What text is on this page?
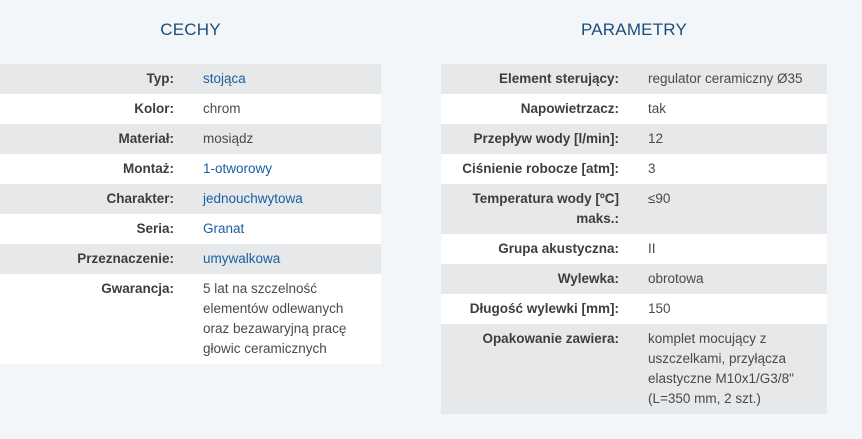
CECHY
Typ:	stojąca
Kolor:	chrom
Materiał:	mosiądz
Montaż:	1-otworowy
Charakter:	jednouchwytowa
Seria:	Granat
Przeznaczenie:	umywalkowa
Gwarancja:	5 lat na szczelność elementów odlewanych oraz bezawaryjną pracę głowic ceramicznych
PARAMETRY
Element sterujący:	regulator ceramiczny Ø35
Napowietrzacz:	tak
Przepływ wody [l/min]:	12
Ciśnienie robocze [atm]:	3
Temperatura wody [ºC] maks.:	≤90
Grupa akustyczna:	II
Wylewka:	obrotowa
Długość wylewki [mm]:	150
Opakowanie zawiera:	komplet mocujący z uszczelkami, przyłącza elastyczne M10x1/G3/8" (L=350 mm, 2 szt.)
